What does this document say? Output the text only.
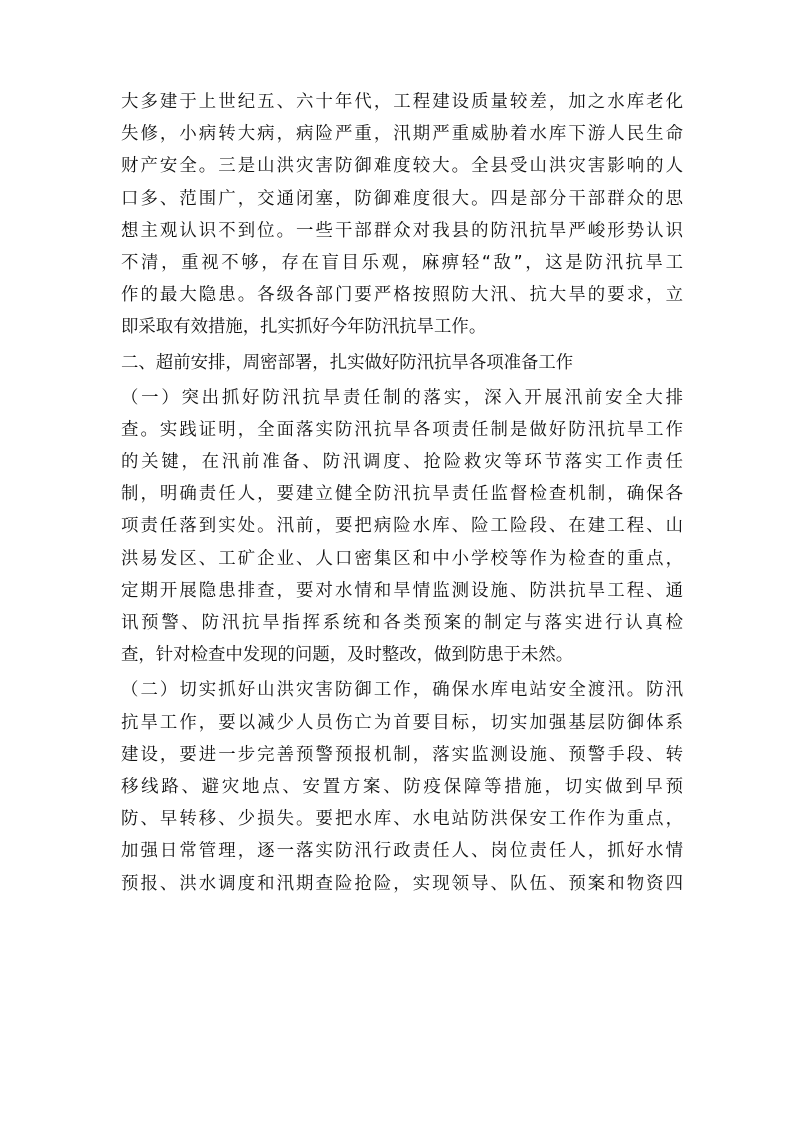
大多建于上世纪五、六十年代，工程建设质量较差，加之水库老化
失修，小病转大病，病险严重，汛期严重威胁着水库下游人民生命
财产安全。三是山洪灾害防御难度较大。全县受山洪灾害影响的人
口多、范围广，交通闭塞，防御难度很大。四是部分干部群众的思
想主观认识不到位。一些干部群众对我县的防汛抗旱严峻形势认识
不清，重视不够，存在盲目乐观，麻痹轻“敌”，这是防汛抗旱工
作的最大隐患。各级各部门要严格按照防大汛、抗大旱的要求，立
即采取有效措施，扎实抓好今年防汛抗旱工作。
二、超前安排，周密部署，扎实做好防汛抗旱各项准备工作
（一）突出抓好防汛抗旱责任制的落实，深入开展汛前安全大排
查。实践证明，全面落实防汛抗旱各项责任制是做好防汛抗旱工作
的关键，在汛前准备、防汛调度、抢险救灾等环节落实工作责任
制，明确责任人，要建立健全防汛抗旱责任监督检查机制，确保各
项责任落到实处。汛前，要把病险水库、险工险段、在建工程、山
洪易发区、工矿企业、人口密集区和中小学校等作为检查的重点，
定期开展隐患排查，要对水情和旱情监测设施、防洪抗旱工程、通
讯预警、防汛抗旱指挥系统和各类预案的制定与落实进行认真检
查，针对检查中发现的问题，及时整改，做到防患于未然。
（二）切实抓好山洪灾害防御工作，确保水库电站安全渡汛。防汛
抗旱工作，要以减少人员伤亡为首要目标，切实加强基层防御体系
建设，要进一步完善预警预报机制，落实监测设施、预警手段、转
移线路、避灾地点、安置方案、防疫保障等措施，切实做到早预
防、早转移、少损失。要把水库、水电站防洪保安工作作为重点，
加强日常管理，逐一落实防汛行政责任人、岗位责任人，抓好水情
预报、洪水调度和汛期查险抢险，实现领导、队伍、预案和物资四
